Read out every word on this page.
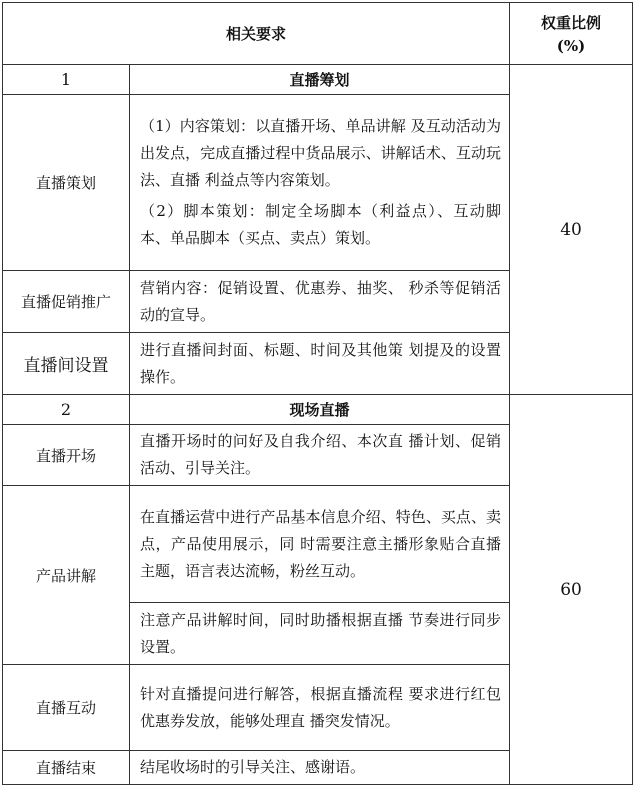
相关要求		权重比例
(%)

1	直播筹划	40
直播策划	（1）内容策划：以直播开场、单品讲解 及互动活动为出发点，完成直播过程中货品展示、讲解话术、互动玩法、直播 利益点等内容策划。

（2）脚本策划：制定全场脚本（利益点）、互动脚本、单品脚本（买点、卖点）策划。	

直播促销推广	营销内容：促销设置、优惠券、抽奖、 秒杀等促销活动的宣导。	

直播间设置	进行直播间封面、标题、时间及其他策 划提及的设置操作。	

2	现场直播	60
直播开场	直播开场时的问好及自我介绍、本次直 播计划、促销活动、引导关注。	

产品讲解	在直播运营中进行产品基本信息介绍、特色、买点、卖点，产品使用展示，同 时需要注意主播形象贴合直播主题，语言表达流畅，粉丝互动。	

	注意产品讲解时间，同时助播根据直播 节奏进行同步设置。	

直播互动	针对直播提问进行解答，根据直播流程 要求进行红包优惠券发放，能够处理直 播突发情况。	

直播结束	结尾收场时的引导关注、感谢语。	
